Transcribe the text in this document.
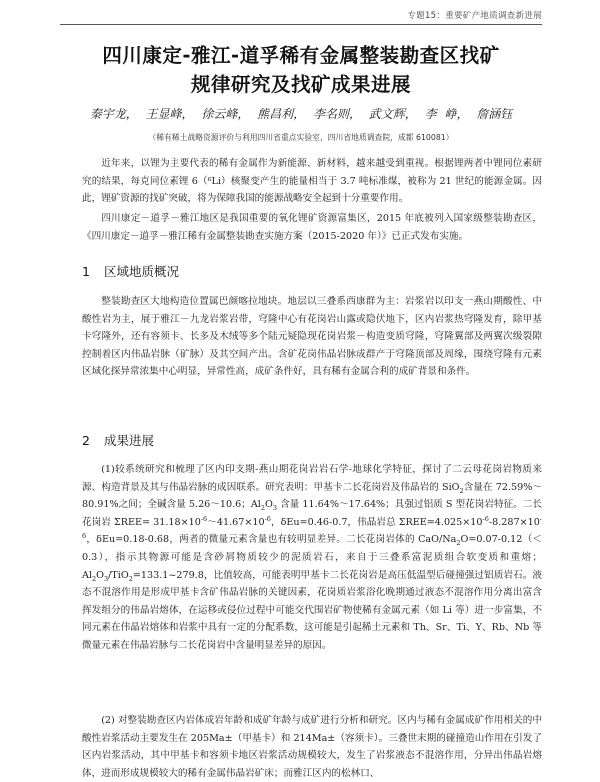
专题15：重要矿产地质调查新进展
四川康定-雅江-道孚稀有金属整装勘查区找矿
规律研究及找矿成果进展
秦宇龙， 王显峰， 徐云峰， 熊昌利， 李名则， 武文辉， 李 峥， 詹涵钰
（稀有稀土战略资源评价与利用四川省重点实验室，四川省地质调查院，成都 610081）

近年来，以锂为主要代表的稀有金属作为新能源、新材料，越来越受到重视。根据锂两者中锂同位素研究的结果，每克同位素锂 6（⁶Li）核聚变产生的能量相当于 3.7 吨标准煤，被称为 21 世纪的能源金属。因此，锂矿资源的找矿突破，将为保障我国的能源战略安全起到十分重要作用。

四川康定－道孚－雅江地区是我国重要的氧化锂矿资源富集区，2015 年底被列入国家级整装勘查区，《四川康定－道孚－雅江稀有金属整装勘查实施方案（2015-2020 年）》已正式发布实施。

1 区域地质概况

整装勘查区大地构造位置属巴颜喀拉地块。地层以三叠系西康群为主：岩浆岩以印支一燕山期酸性、中酸性岩为主，展于雅江－九龙岩浆岩带，穹隆中心有花岗岩山露或隐伏地下，区内岩浆热穹隆发育，除甲基卡穹隆外，还有容须卡、长多及木绒等多个陆元疑隐现花岗岩浆－构造变质穹隆，穹隆翼部及两翼次级裂隙控制着区内伟晶岩脉（矿脉）及其空间产出。含矿花岗伟晶岩脉成群产于穹隆顶部及周缘，围绕穹隆有元素区域化探异常浓集中心明显，异常性高，成矿条件好，具有稀有金属合利的成矿背景和条件。

2 成果进展

(1)较系统研究和梳理了区内印支期-燕山期花岗岩岩石学-地球化学特征，探讨了二云母花岗岩物质来源、构造背景及其与伟晶岩脉的成因联系。研究表明：甲基卡二长花岗岩及伟晶岩的 SiO$_2$含量在 72.59%～80.91%之间；全碱含量 5.26～10.6；$Al_2O_3$ 含量 11.64%～17.64%；具强过铝质 S 型花岗岩特征。二长花岗岩 $\Sigma REE= 31.18\times 10^{-6}\sim 41.67\times 10^{-6}$，δEu=0.46-0.7，伟晶岩总 $\Sigma REE=4.025\times 10^{-6}-8.287\times 10^{-6}$，δEu=0.18-0.68，两者的微量元素含量也有较明显差异。二长花岗岩体的 CaO/$Na_2O=0.07-0.12(<0.3)$，指示其物源可能是含砂屑物质较少的泥质岩石，来自于三叠系富泥质组合软变质和重熔；$Al_2O_3/TiO_2=133.1\sim 279.8$，比值较高，可能表明甲基卡二长花岗岩是高压低温型后碰撞强过铝质岩石。液态不混溶作用是形成甲基卡含矿伟晶岩脉的关键因素，花岗质岩浆浴化晚期通过液态不混溶作用分离出富含挥发组分的伟晶岩熔体，在运移或侵位过程中可能交代围岩矿物使稀有金属元素（如 Li 等）进一步富集，不同元素在伟晶岩熔体和岩浆中具有一定的分配系数，这可能是引起稀土元素和 Th、Sr、Ti、Y、Rb、Nb 等微量元素在伟晶岩脉与二长花岗岩中含量明显差异的原因。

(2) 对整装勘查区内岩体成岩年龄和成矿年龄与成矿进行分析和研究。区内与稀有金属成矿作用相关的中酸性岩浆活动主要发生在 205Ma±（甲基卡）和 214Ma±（容须卡）。三叠世末期的碰撞造山作用在引发了区内岩浆活动，其中甲基卡和容须卡地区岩浆活动规模较大，发生了岩浆液态不混溶作用，分异出伟晶岩熔体，进而形成规模较大的稀有金属伟晶岩矿床；而雅江区内的松林口、
